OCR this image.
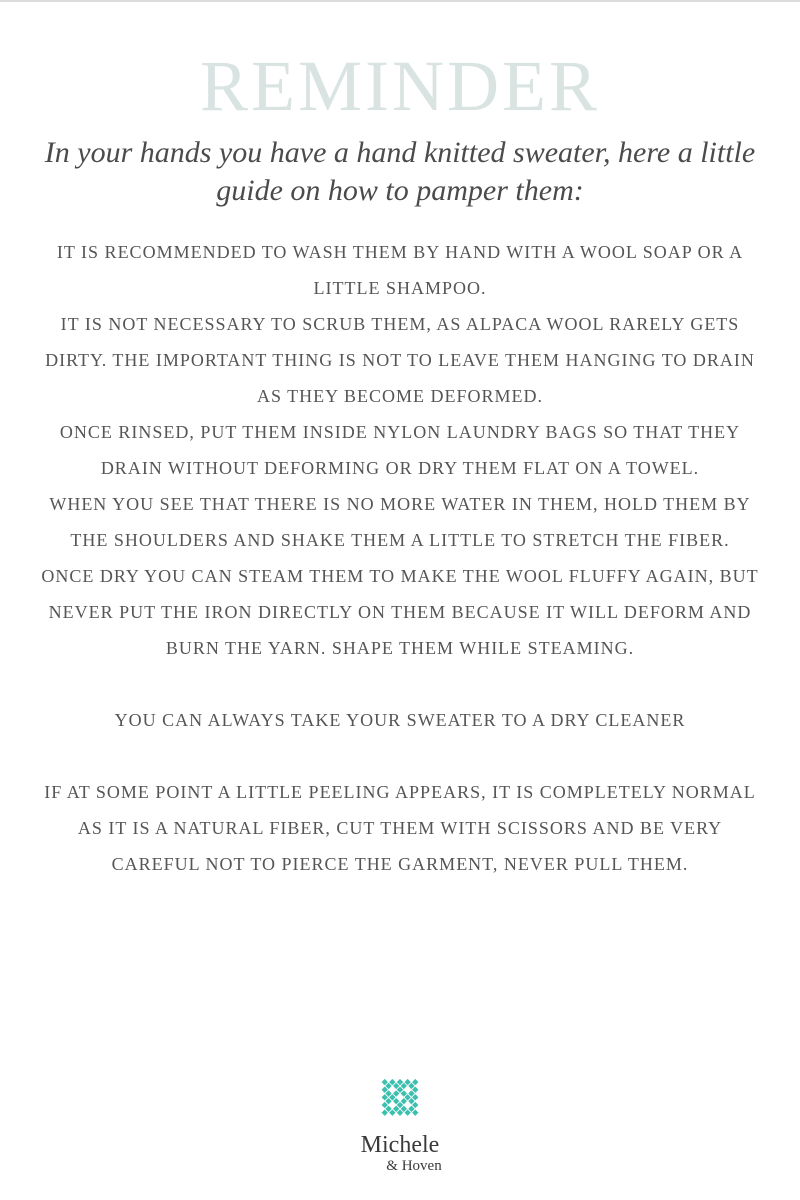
REMINDER
In your hands you have a hand knitted sweater, here a little guide on how to pamper them:

IT IS RECOMMENDED TO WASH THEM BY HAND WITH A WOOL SOAP OR A LITTLE SHAMPOO.

IT IS NOT NECESSARY TO SCRUB THEM, AS ALPACA WOOL RARELY GETS DIRTY. THE IMPORTANT THING IS NOT TO LEAVE THEM HANGING TO DRAIN AS THEY BECOME DEFORMED.

ONCE RINSED, PUT THEM INSIDE NYLON LAUNDRY BAGS SO THAT THEY DRAIN WITHOUT DEFORMING OR DRY THEM FLAT ON A TOWEL.

WHEN YOU SEE THAT THERE IS NO MORE WATER IN THEM, HOLD THEM BY THE SHOULDERS AND SHAKE THEM A LITTLE TO STRETCH THE FIBER.

ONCE DRY YOU CAN STEAM THEM TO MAKE THE WOOL FLUFFY AGAIN, BUT NEVER PUT THE IRON DIRECTLY ON THEM BECAUSE IT WILL DEFORM AND BURN THE YARN. SHAPE THEM WHILE STEAMING.

YOU CAN ALWAYS TAKE YOUR SWEATER TO A DRY CLEANER

IF AT SOME POINT A LITTLE PEELING APPEARS, IT IS COMPLETELY NORMAL AS IT IS A NATURAL FIBER, CUT THEM WITH SCISSORS AND BE VERY CAREFUL NOT TO PIERCE THE GARMENT, NEVER PULL THEM.

Michele
& Hoven
